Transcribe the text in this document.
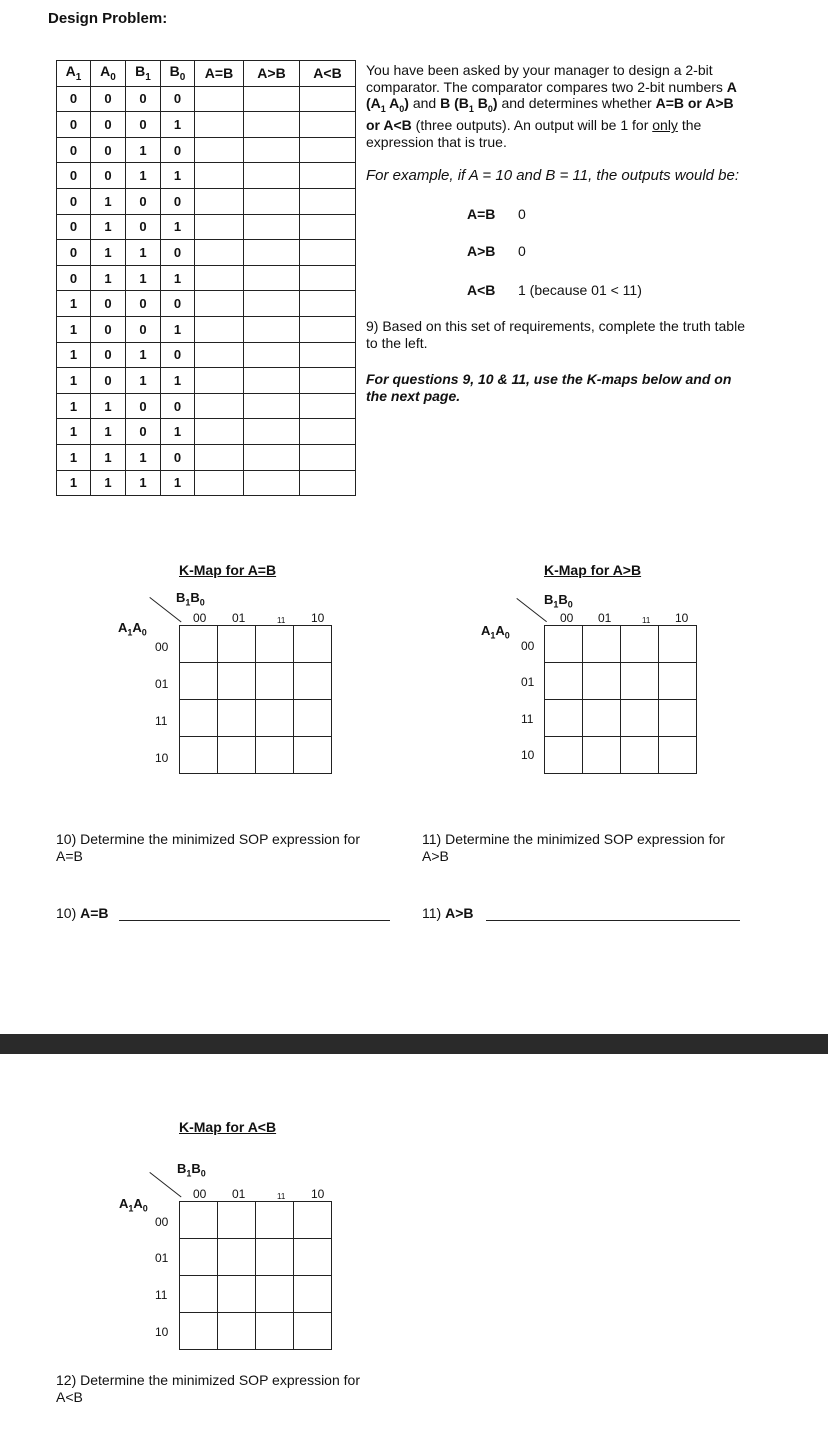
Design Problem:
$A_1$	$A_0$	$B_1$	$B_0$	A=B	A>B	A<B
0	0	0	0			
0	0	0	1			
0	0	1	0			
0	0	1	1			
0	1	0	0			
0	1	0	1			
0	1	1	0			
0	1	1	1			
1	0	0	0			
1	0	0	1			
1	0	1	0			
1	0	1	1			
1	1	0	0			
1	1	0	1			
1	1	1	0			
1	1	1	1			
You have been asked by your manager to design a 2-bit
comparator. The comparator compares two 2-bit numbers A
($A_1$ $A_0$) and B ($B_1$ $B_0$) and determines whether A=B or A>B
or A<B (three outputs). An output will be 1 for only the
expression that is true.
For example, if A = 10 and B = 11, the outputs would be:
A=B 0
A>B 0
A<B 1 (because 01 < 11)
9) Based on this set of requirements, complete the truth table
to the left.
For questions 9, 10 & 11, use the K-maps below and on
the next page.
K-Map for A=B
$B_1B_0$
$A_1A_0$
00 01	11 10
00
01
11
10

K-Map for A>B
$B_1B_0$
$A_1A_0$
00 01	11 10
00
01
11
10

10) Determine the minimized SOP expression for
A=B
11) Determine the minimized SOP expression for
A>B
10) A=B	11) A>B
K-Map for A<B
$B_1B_0$
$A_1A_0$
00 01	11 10
00
01
11
10

12) Determine the minimized SOP expression for
A<B
